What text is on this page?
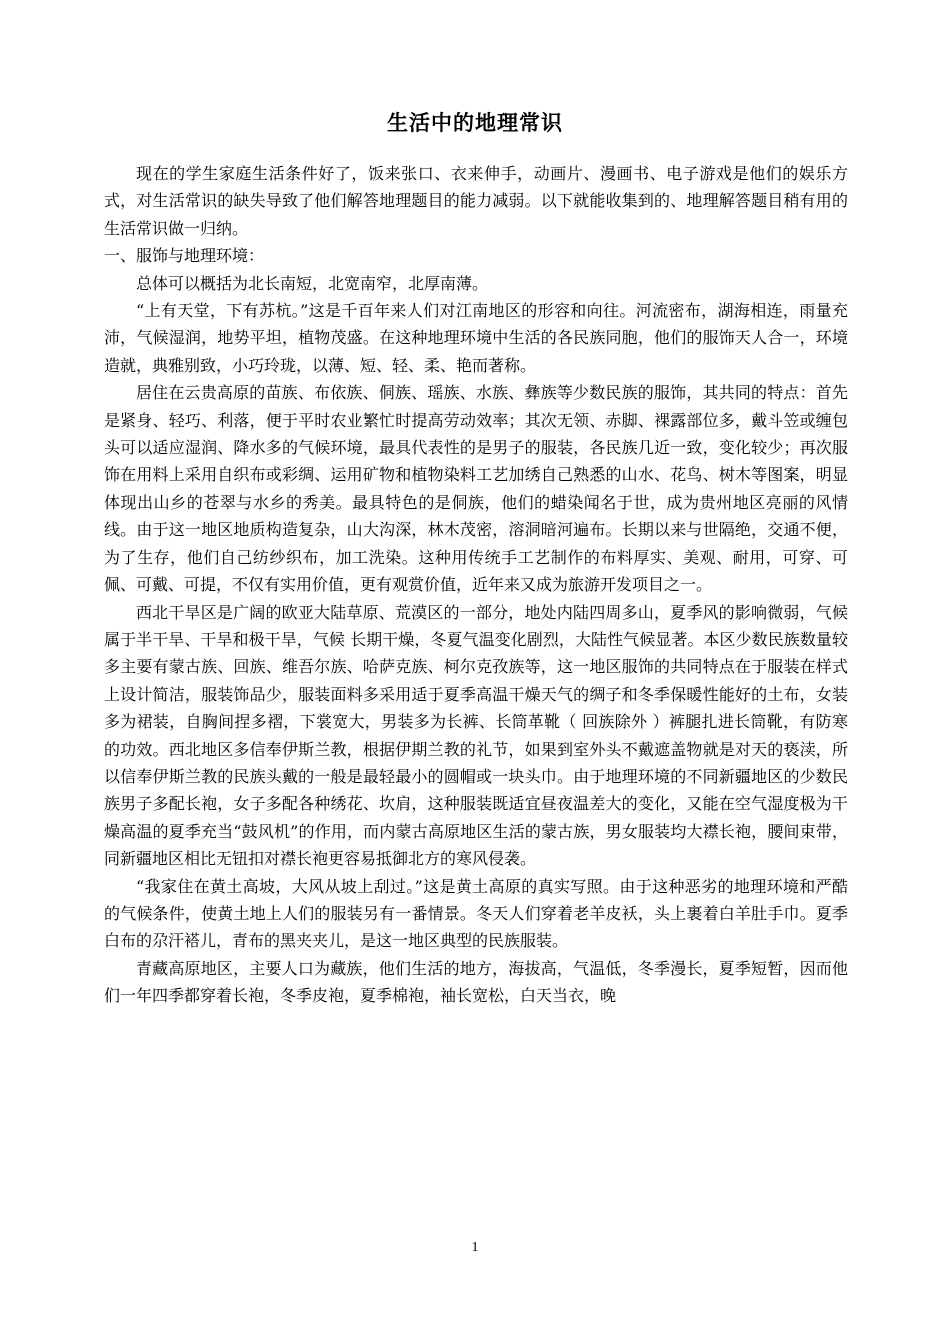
生活中的地理常识

现在的学生家庭生活条件好了，饭来张口、衣来伸手，动画片、漫画书、电子游戏是他们的娱乐方式，对生活常识的缺失导致了他们解答地理题目的能力减弱。以下就能收集到的、地理解答题目稍有用的生活常识做一归纳。

一、服饰与地理环境：

总体可以概括为北长南短，北宽南窄，北厚南薄。

“上有天堂，下有苏杭。”这是千百年来人们对江南地区的形容和向往。河流密布，湖海相连，雨量充沛，气候湿润，地势平坦，植物茂盛。在这种地理环境中生活的各民族同胞，他们的服饰天人合一，环境造就，典雅别致，小巧玲珑，以薄、短、轻、柔、艳而著称。

居住在云贵高原的苗族、布依族、侗族、瑶族、水族、彝族等少数民族的服饰，其共同的特点：首先是紧身、轻巧、利落，便于平时农业繁忙时提高劳动效率；其次无领、赤脚、裸露部位多，戴斗笠或缠包头可以适应湿润、降水多的气候环境，最具代表性的是男子的服装，各民族几近一致，变化较少；再次服饰在用料上采用自织布或彩绸、运用矿物和植物染料工艺加绣自己熟悉的山水、花鸟、树木等图案，明显体现出山乡的苍翠与水乡的秀美。最具特色的是侗族，他们的蜡染闻名于世，成为贵州地区亮丽的风情线。由于这一地区地质构造复杂，山大沟深，林木茂密，溶洞暗河遍布。长期以来与世隔绝，交通不便，为了生存，他们自己纺纱织布，加工洗染。这种用传统手工艺制作的布料厚实、美观、耐用，可穿、可佩、可戴、可提，不仅有实用价值，更有观赏价值，近年来又成为旅游开发项目之一。

西北干旱区是广阔的欧亚大陆草原、荒漠区的一部分，地处内陆四周多山，夏季风的影响微弱，气候属于半干旱、干旱和极干旱，气候 长期干燥，冬夏气温变化剧烈，大陆性气候显著。本区少数民族数量较多主要有蒙古族、回族、维吾尔族、哈萨克族、柯尔克孜族等，这一地区服饰的共同特点在于服装在样式上设计简洁，服装饰品少，服装面料多采用适于夏季高温干燥天气的绸子和冬季保暖性能好的土布，女装多为裙装，自胸间捏多褶，下裳宽大，男装多为长裤、长筒革靴（ 回族除外 ）裤腿扎进长筒靴，有防寒的功效。西北地区多信奉伊斯兰教，根据伊期兰教的礼节，如果到室外头不戴遮盖物就是对天的亵渎，所以信奉伊斯兰教的民族头戴的一般是最轻最小的圆帽或一块头巾。由于地理环境的不同新疆地区的少数民族男子多配长袍，女子多配各种绣花、坎肩，这种服装既适宜昼夜温差大的变化，又能在空气湿度极为干燥高温的夏季充当“鼓风机”的作用，而内蒙古高原地区生活的蒙古族，男女服装均大襟长袍，腰间束带，同新疆地区相比无钮扣对襟长袍更容易抵御北方的寒风侵袭。

“我家住在黄土高坡，大风从坡上刮过。”这是黄土高原的真实写照。由于这种恶劣的地理环境和严酷的气候条件，使黄土地上人们的服装另有一番情景。冬天人们穿着老羊皮袄，头上裹着白羊肚手巾。夏季白布的尕汗褡儿，青布的黑夹夹儿，是这一地区典型的民族服装。

青藏高原地区，主要人口为藏族，他们生活的地方，海拔高，气温低，冬季漫长，夏季短暂，因而他们一年四季都穿着长袍，冬季皮袍，夏季棉袍，袖长宽松，白天当衣，晚

1
